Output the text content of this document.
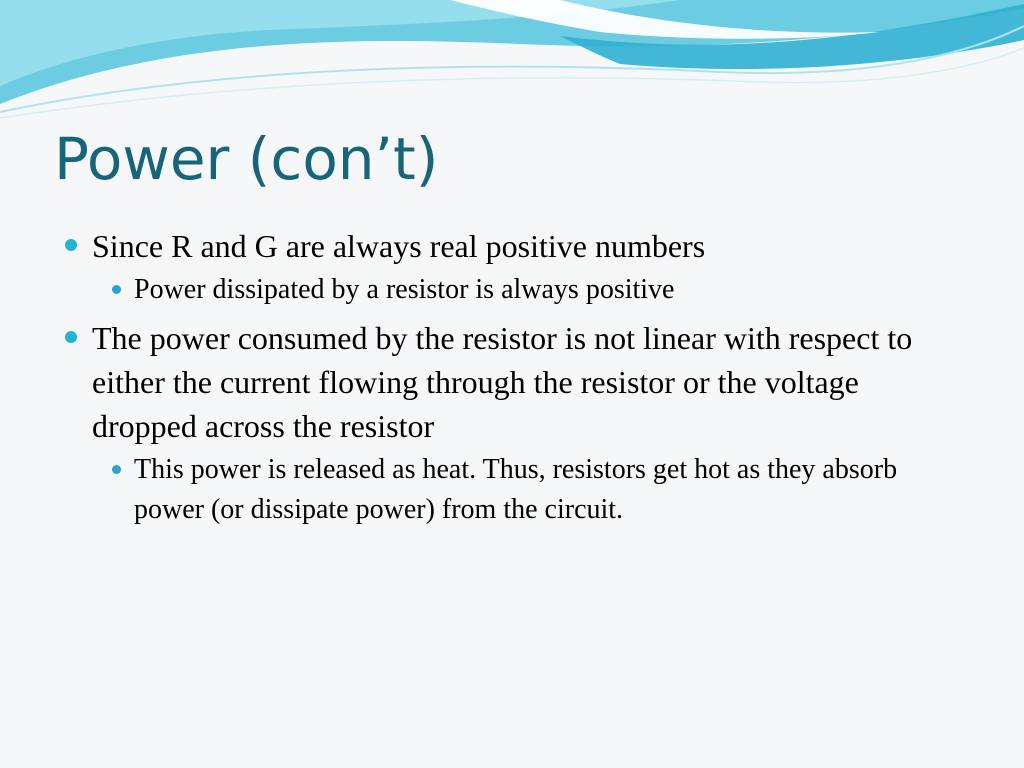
Power (con’t)
Since R and G are always real positive numbers
Power dissipated by a resistor is always positive
The power consumed by the resistor is not linear with respect to either the current flowing through the resistor or the voltage dropped across the resistor
This power is released as heat. Thus, resistors get hot as they absorb power (or dissipate power) from the circuit.
